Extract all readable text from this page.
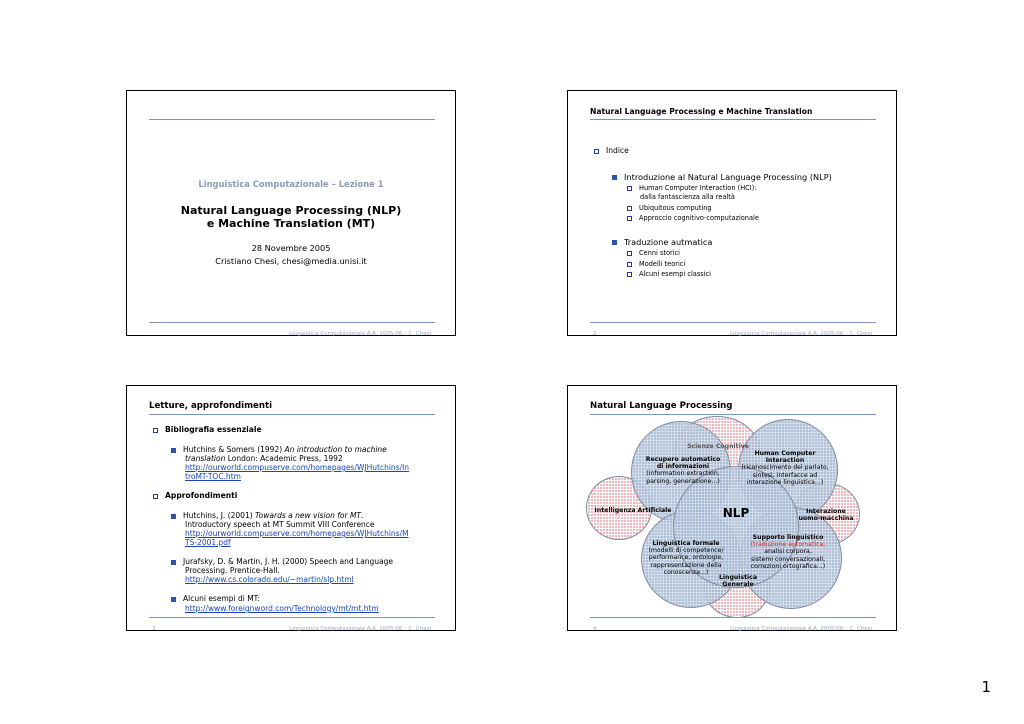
Linguistica Computazionale – Lezione 1
Natural Language Processing (NLP)
e Machine Translation (MT)
28 Novembre 2005
Cristiano Chesi, chesi@media.unisi.it
Linguistica Computazionale A.A. 2005-06 – C. Chesi
Natural Language Processing e Machine Translation
Indice
Introduzione al Natural Language Processing (NLP)
Human Computer Interaction (HCI):
dalla fantascienza alla realtà
Ubiquitous computing
Approccio cognitivo-computazionale
Traduzione autmatica
Cenni storici
Modelli teorici
Alcuni esempi classici
2	Linguistica Computazionale A.A. 2005-06 – C. Chesi
Letture, approfondimenti
Bibliografia essenziale
Hutchins & Somers (1992) An introduction to machine
translation London: Academic Press, 1992
http://ourworld.compuserve.com/homepages/WJHutchins/In
troMT-TOC.htm
Approfondimenti
Hutchins, J. (2001) Towards a new vision for MT.
Introductory speech at MT Summit VIII Conference
http://ourworld.compuserve.com/homepages/WJHutchins/M
TS-2001.pdf
Jurafsky, D. & Martin, J. H. (2000) Speech and Language
Processing. Prentice-Hall.
http://www.cs.colorado.edu/~martin/slp.html
Alcuni esempi di MT:
http://www.foreignword.com/Technology/mt/mt.htm
3	Linguistica Computazionale A.A. 2005-06 – C. Chesi
Natural Language Processing
NLP
Scienze Cognitive
Recupero automatico
di informazioni
(information extraction,
parsing, generazione...)
Human Computer
Interaction
(riconoscimento del parlato,
sintesi, interfacce ad
interazione linguistica...)
Intelligenza Artificiale	Interazione
uomo-macchina
Linguistica formale
(modelli di competence/
performance, ontologie,
rappresentazione della
conoscenza...)
Supporto linguistico
(traduzione automatica,
analisi corpora,
sistemi conversazionali,
correzioni ortografica...)
Linguistica
Generale
4	Linguistica Computazionale A.A. 2005-06 – C. Chesi
1
